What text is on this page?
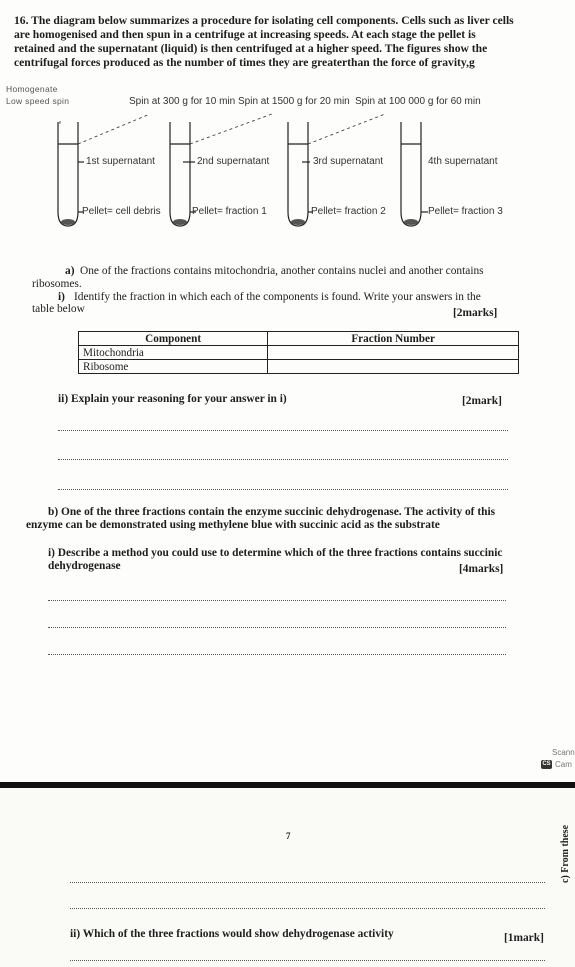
16. The diagram below summarizes a procedure for isolating cell components. Cells such as liver cells are homogenised and then spun in a centrifuge at increasing speeds. At each stage the pellet is retained and the supernatant (liquid) is then centrifuged at a higher speed. The figures show the centrifugal forces produced as the number of times they are greaterthan the force of gravity,g
Homogenate
Low speed spin	Spin at 300 g for 10 min Spin at 1500 g for 20 min Spin at 100 000 g for 60 min
1st supernatant	2nd supernatant	3rd supernatant	4th supernatant
Pellet= cell debris	Pellet= fraction 1	Pellet= fraction 2	Pellet= fraction 3
a) One of the fractions contains mitochondria, another contains nuclei and another contains
ribosomes.
i) Identify the fraction in which each of the components is found. Write your answers in the
table below	[2marks]
Component	Fraction Number
Mitochondria	
Ribosome	
ii) Explain your reasoning for your answer in i)	[2mark]
b) One of the three fractions contain the enzyme succinic dehydrogenase. The activity of this
enzyme can be demonstrated using methylene blue with succinic acid as the substrate
i) Describe a method you could use to determine which of the three fractions contains succinic
dehydrogenase	[4marks]
Scann
CS Cam
7	c) From these
ii) Which of the three fractions would show dehydrogenase activity	[1mark]
